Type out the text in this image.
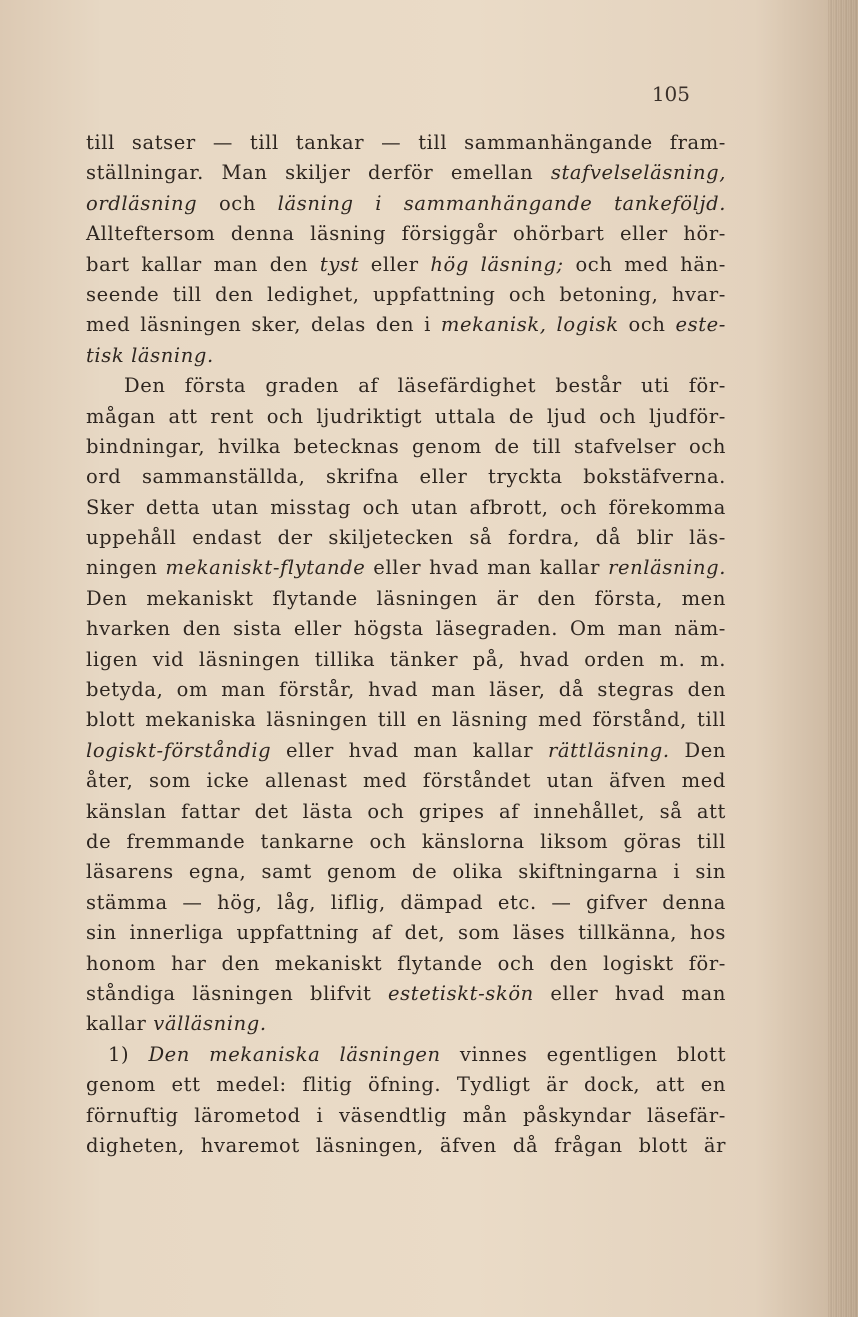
105
till satser — till tankar — till sammanhängande fram-
ställningar. Man skiljer derför emellan stafvelseläsning,
ordläsning och läsning i sammanhängande tankeföljd.
Allteftersom denna läsning försiggår ohörbart eller hör-
bart kallar man den tyst eller hög läsning; och med hän-
seende till den ledighet, uppfattning och betoning, hvar-
med läsningen sker, delas den i mekanisk, logisk och este-
tisk läsning.
Den första graden af läsefärdighet består uti för-
mågan att rent och ljudriktigt uttala de ljud och ljudför-
bindningar, hvilka betecknas genom de till stafvelser och
ord sammanställda, skrifna eller tryckta bokstäfverna.
Sker detta utan misstag och utan afbrott, och förekomma
uppehåll endast der skiljetecken så fordra, då blir läs-
ningen mekaniskt-flytande eller hvad man kallar renläsning.
Den mekaniskt flytande läsningen är den första, men
hvarken den sista eller högsta läsegraden. Om man näm-
ligen vid läsningen tillika tänker på, hvad orden m. m.
betyda, om man förstår, hvad man läser, då stegras den
blott mekaniska läsningen till en läsning med förstånd, till
logiskt-förståndig eller hvad man kallar rättläsning. Den
åter, som icke allenast med förståndet utan äfven med
känslan fattar det lästa och gripes af innehållet, så att
de fremmande tankarne och känslorna liksom göras till
läsarens egna, samt genom de olika skiftningarna i sin
stämma — hög, låg, liflig, dämpad etc. — gifver denna
sin innerliga uppfattning af det, som läses tillkänna, hos
honom har den mekaniskt flytande och den logiskt för-
ståndiga läsningen blifvit estetiskt-skön eller hvad man
kallar välläsning.
1) Den mekaniska läsningen vinnes egentligen blott
genom ett medel: flitig öfning. Tydligt är dock, att en
förnuftig lärometod i väsendtlig mån påskyndar läsefär-
digheten, hvaremot läsningen, äfven då frågan blott är
